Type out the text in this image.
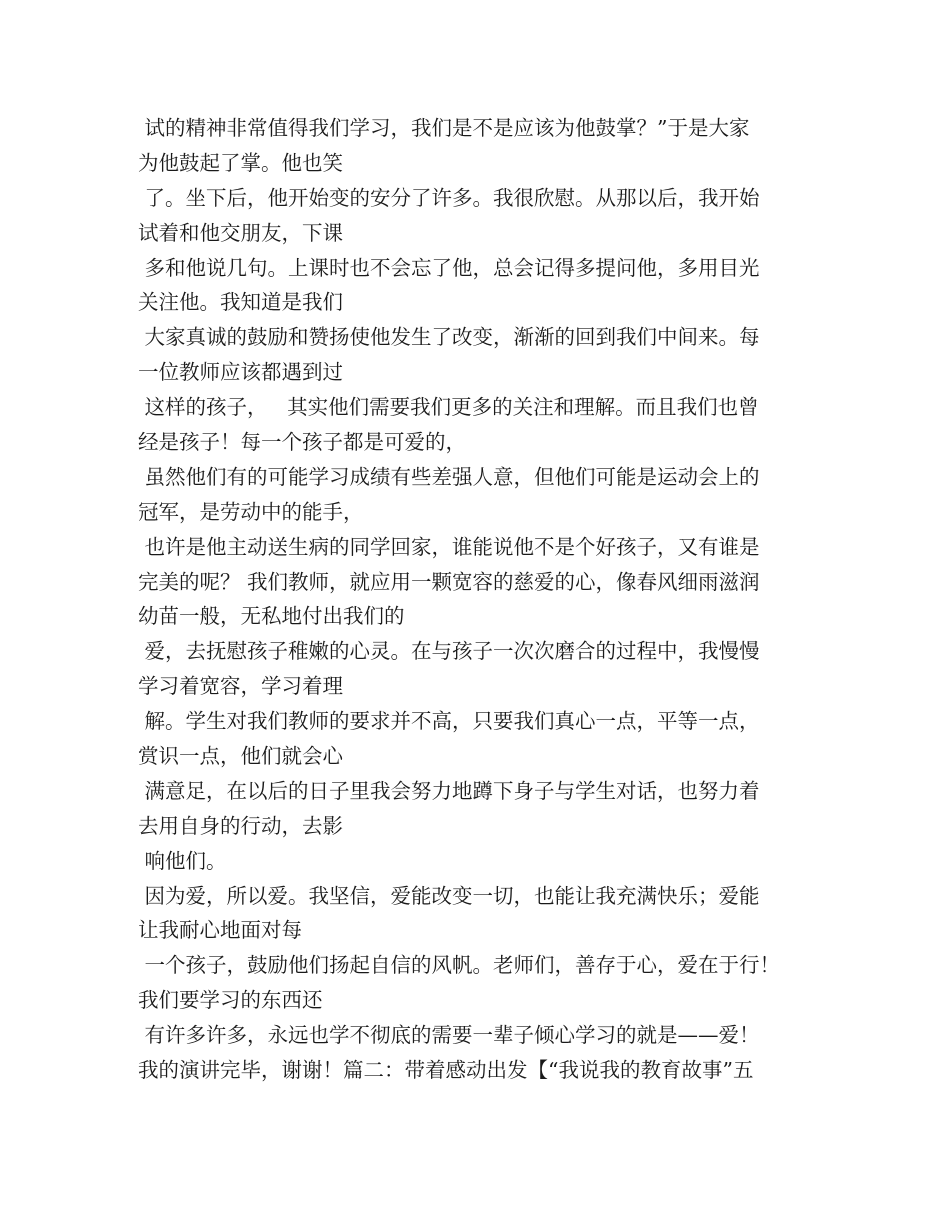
试的精神非常值得我们学习，我们是不是应该为他鼓掌？”于是大家
为他鼓起了掌。他也笑
了。坐下后，他开始变的安分了许多。我很欣慰。从那以后，我开始
试着和他交朋友，下课
多和他说几句。上课时也不会忘了他，总会记得多提问他，多用目光
关注他。我知道是我们
大家真诚的鼓励和赞扬使他发生了改变，渐渐的回到我们中间来。每
一位教师应该都遇到过
这样的孩子，   其实他们需要我们更多的关注和理解。而且我们也曾
经是孩子！每一个孩子都是可爱的，
虽然他们有的可能学习成绩有些差强人意，但他们可能是运动会上的
冠军，是劳动中的能手，
也许是他主动送生病的同学回家，谁能说他不是个好孩子，又有谁是
完美的呢？ 我们教师，就应用一颗宽容的慈爱的心，像春风细雨滋润
幼苗一般，无私地付出我们的
爱，去抚慰孩子稚嫩的心灵。在与孩子一次次磨合的过程中，我慢慢
学习着宽容，学习着理
解。学生对我们教师的要求并不高，只要我们真心一点，平等一点，
赏识一点，他们就会心
满意足，在以后的日子里我会努力地蹲下身子与学生对话，也努力着
去用自身的行动，去影
响他们。
因为爱，所以爱。我坚信，爱能改变一切，也能让我充满快乐；爱能
让我耐心地面对每
一个孩子，鼓励他们扬起自信的风帆。老师们，善存于心，爱在于行！
我们要学习的东西还
有许多许多，永远也学不彻底的需要一辈子倾心学习的就是——爱！
我的演讲完毕，谢谢！篇二：带着感动出发【“我说我的教育故事”五
